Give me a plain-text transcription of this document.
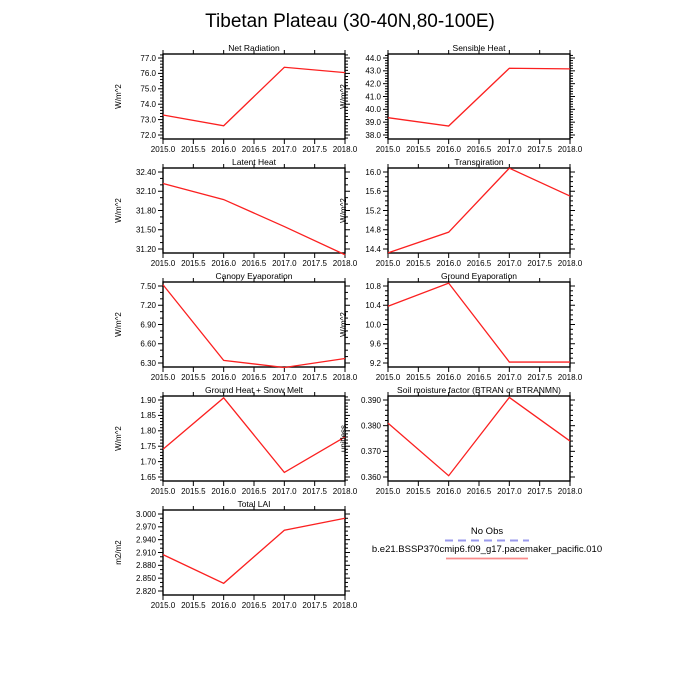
Tibetan Plateau (30-40N,80-100E)
72.0
73.0
74.0
75.0
76.0
77.0
2015.0 2015.5 2016.0 2016.5 2017.0 2017.5 2018.0
Net Radiation
W/m^2
38.0
39.0
40.0
41.0
42.0
43.0
44.0
2015.0 2015.5 2016.0 2016.5 2017.0 2017.5 2018.0
Sensible Heat
W/m^2
31.20
31.50
31.80
32.10
32.40
2015.0 2015.5 2016.0 2016.5 2017.0 2017.5 2018.0
Latent Heat
W/m^2
14.4
14.8
15.2
15.6
16.0
2015.0 2015.5 2016.0 2016.5 2017.0 2017.5 2018.0
Transpiration
W/m^2
6.30
6.60
6.90
7.20
7.50
2015.0 2015.5 2016.0 2016.5 2017.0 2017.5 2018.0
Canopy Evaporation
W/m^2
9.2
9.6
10.0
10.4
10.8
2015.0 2015.5 2016.0 2016.5 2017.0 2017.5 2018.0
Ground Evaporation
W/m^2
1.65
1.70
1.75
1.80
1.85
1.90
2015.0 2015.5 2016.0 2016.5 2017.0 2017.5 2018.0
Ground Heat + Snow Melt
W/m^2
0.360
0.370
0.380
0.390
2015.0 2015.5 2016.0 2016.5 2017.0 2017.5 2018.0
Soil moisture factor (BTRAN or BTRANMN)
unitless
2.820
2.850
2.880
2.910
2.940
2.970
3.000
2015.0 2015.5 2016.0 2016.5 2017.0 2017.5 2018.0
Total LAI
m2/m2
No Obs
b.e21.BSSP370cmip6.f09_g17.pacemaker_pacific.010
